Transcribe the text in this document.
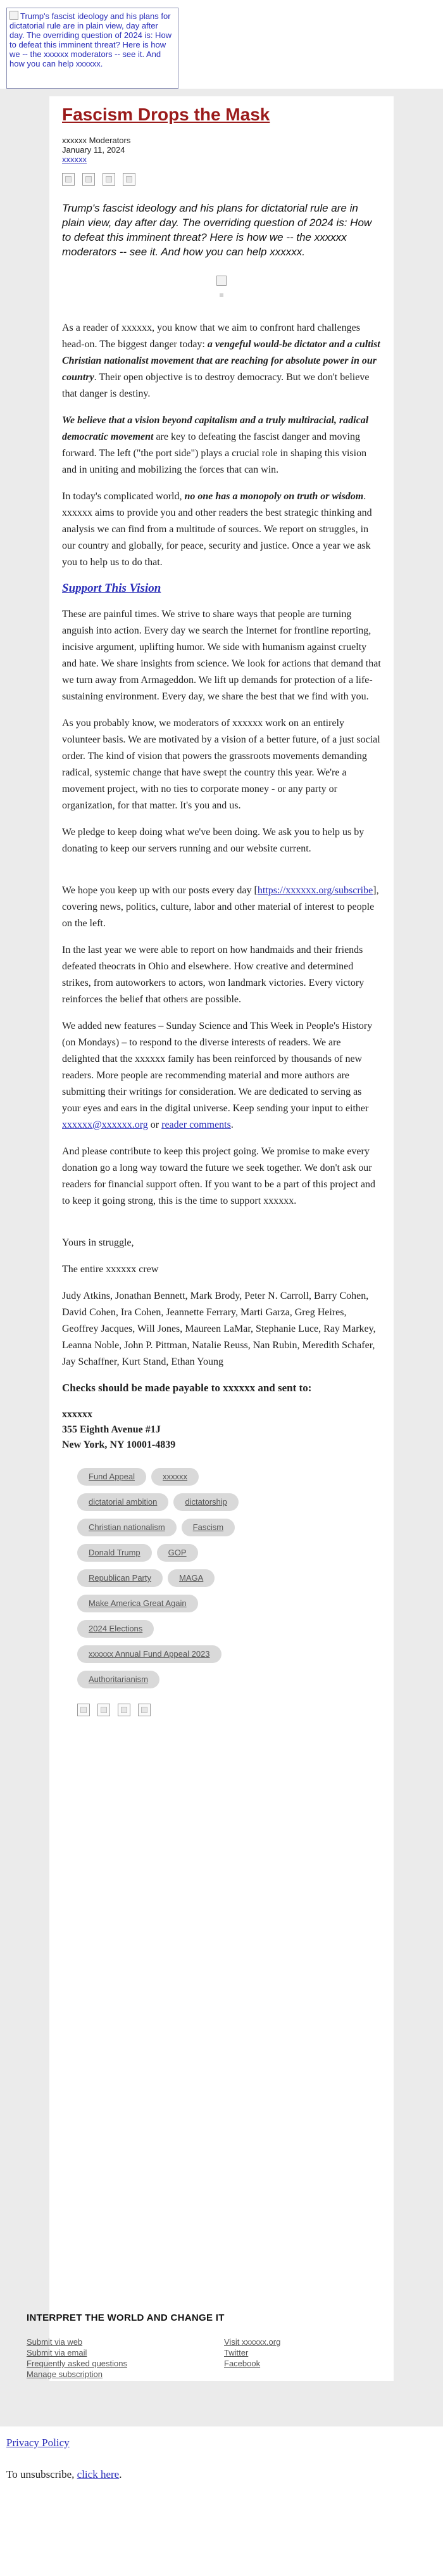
Trump's fascist ideology and his plans for dictatorial rule are in plain view, day after day. The overriding question of 2024 is: How to defeat this imminent threat? Here is how we -- the xxxxxx moderators -- see it. And how you can help xxxxxx.
Fascism Drops the Mask
xxxxxx Moderators
January 11, 2024
xxxxxx

Trump's fascist ideology and his plans for dictatorial rule are in plain view, day after day. The overriding question of 2024 is: How to defeat this imminent threat? Here is how we -- the xxxxxx moderators -- see it. And how you can help xxxxxx.

As a reader of xxxxxx, you know that we aim to confront hard challenges head-on. The biggest danger today: a vengeful would-be dictator and a cultist Christian nationalist movement that are reaching for absolute power in our country. Their open objective is to destroy democracy. But we don't believe that danger is destiny.

We believe that a vision beyond capitalism and a truly multiracial, radical democratic movement are key to defeating the fascist danger and moving forward. The left ("the port side") plays a crucial role in shaping this vision and in uniting and mobilizing the forces that can win.

In today's complicated world, no one has a monopoly on truth or wisdom. xxxxxx aims to provide you and other readers the best strategic thinking and analysis we can find from a multitude of sources. We report on struggles, in our country and globally, for peace, security and justice. Once a year we ask you to help us to do that.

Support This Vision

These are painful times. We strive to share ways that people are turning anguish into action. Every day we search the Internet for frontline reporting, incisive argument, uplifting humor. We side with humanism against cruelty and hate. We share insights from science. We look for actions that demand that we turn away from Armageddon. We lift up demands for protection of a life-sustaining environment. Every day, we share the best that we find with you.

As you probably know, we moderators of xxxxxx work on an entirely volunteer basis. We are motivated by a vision of a better future, of a just social order. The kind of vision that powers the grassroots movements demanding radical, systemic change that have swept the country this year. We're a movement project, with no ties to corporate money - or any party or organization, for that matter. It's you and us.

We pledge to keep doing what we've been doing. We ask you to help us by donating to keep our servers running and our website current.

We hope you keep up with our posts every day [https://xxxxxx.org/subscribe], covering news, politics, culture, labor and other material of interest to people on the left.

In the last year we were able to report on how handmaids and their friends defeated theocrats in Ohio and elsewhere. How creative and determined strikes, from autoworkers to actors, won landmark victories. Every victory reinforces the belief that others are possible.

We added new features – Sunday Science and This Week in People's History (on Mondays) – to respond to the diverse interests of readers. We are delighted that the xxxxxx family has been reinforced by thousands of new readers. More people are recommending material and more authors are submitting their writings for consideration. We are dedicated to serving as your eyes and ears in the digital universe. Keep sending your input to either xxxxxx@xxxxxx.org or reader comments.

And please contribute to keep this project going. We promise to make every donation go a long way toward the future we seek together. We don't ask our readers for financial support often. If you want to be a part of this project and to keep it going strong, this is the time to support xxxxxx.

Yours in struggle,

The entire xxxxxx crew

Judy Atkins, Jonathan Bennett, Mark Brody, Peter N. Carroll, Barry Cohen, David Cohen, Ira Cohen, Jeannette Ferrary, Marti Garza, Greg Heires, Geoffrey Jacques, Will Jones, Maureen LaMar, Stephanie Luce, Ray Markey, Leanna Noble, John P. Pittman, Natalie Reuss, Nan Rubin, Meredith Schafer, Jay Schaffner, Kurt Stand, Ethan Young

Checks should be made payable to xxxxxx and sent to:
xxxxxx
355 Eighth Avenue #1J
New York, NY 10001-4839
Fund Appeal	xxxxxx
dictatorial ambition	dictatorship
Christian nationalism	Fascism
Donald Trump	GOP
Republican Party	MAGA
Make America Great Again
2024 Elections
xxxxxx Annual Fund Appeal 2023
Authoritarianism
INTERPRET THE WORLD AND CHANGE IT
Submit via web
Submit via email
Frequently asked questions
Manage subscription
Visit xxxxxx.org
Twitter
Facebook
Privacy Policy
To unsubscribe, click here.
